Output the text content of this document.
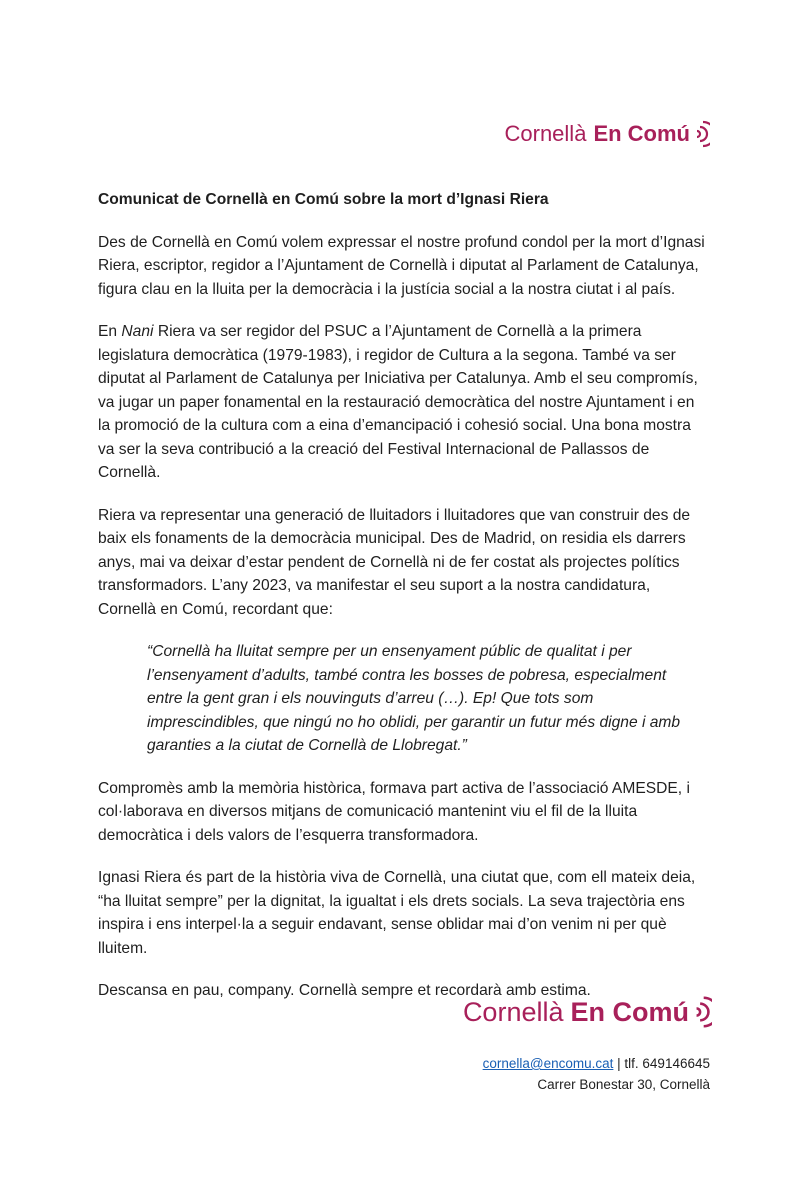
Cornellà En Comú

Comunicat de Cornellà en Comú sobre la mort d’Ignasi Riera

Des de Cornellà en Comú volem expressar el nostre profund condol per la mort d’Ignasi Riera, escriptor, regidor a l’Ajuntament de Cornellà i diputat al Parlament de Catalunya, figura clau en la lluita per la democràcia i la justícia social a la nostra ciutat i al país.

En Nani Riera va ser regidor del PSUC a l’Ajuntament de Cornellà a la primera legislatura democràtica (1979-1983), i regidor de Cultura a la segona. També va ser diputat al Parlament de Catalunya per Iniciativa per Catalunya. Amb el seu compromís, va jugar un paper fonamental en la restauració democràtica del nostre Ajuntament i en la promoció de la cultura com a eina d’emancipació i cohesió social. Una bona mostra va ser la seva contribució a la creació del Festival Internacional de Pallassos de Cornellà.

Riera va representar una generació de lluitadors i lluitadores que van construir des de baix els fonaments de la democràcia municipal. Des de Madrid, on residia els darrers anys, mai va deixar d’estar pendent de Cornellà ni de fer costat als projectes polítics transformadors. L’any 2023, va manifestar el seu suport a la nostra candidatura, Cornellà en Comú, recordant que:

“Cornellà ha lluitat sempre per un ensenyament públic de qualitat i per l’ensenyament d’adults, també contra les bosses de pobresa, especialment entre la gent gran i els nouvinguts d’arreu (…). Ep! Que tots som imprescindibles, que ningú no ho oblidi, per garantir un futur més digne i amb garanties a la ciutat de Cornellà de Llobregat.”

Compromès amb la memòria històrica, formava part activa de l’associació AMESDE, i col·laborava en diversos mitjans de comunicació mantenint viu el fil de la lluita democràtica i dels valors de l’esquerra transformadora.

Ignasi Riera és part de la història viva de Cornellà, una ciutat que, com ell mateix deia, “ha lluitat sempre” per la dignitat, la igualtat i els drets socials. La seva trajectòria ens inspira i ens interpel·la a seguir endavant, sense oblidar mai d’on venim ni per què lluitem.

Descansa en pau, company. Cornellà sempre et recordarà amb estima.

Cornellà En Comú
cornella@encomu.cat | tlf. 649146645
Carrer Bonestar 30, Cornellà
